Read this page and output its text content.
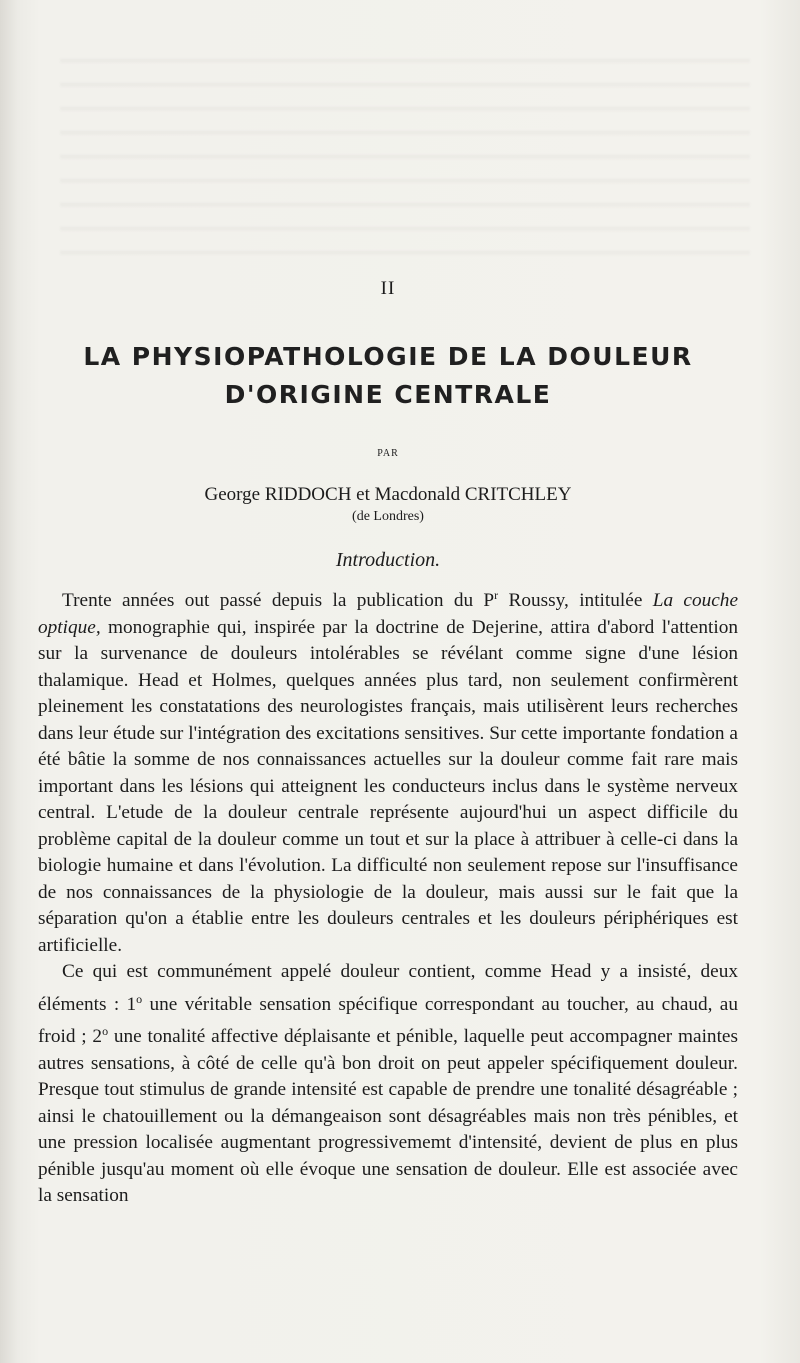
II
LA PHYSIOPATHOLOGIE DE LA DOULEUR
D'ORIGINE CENTRALE
PAR
George RIDDOCH et Macdonald CRITCHLEY
(de Londres)
Introduction.

Trente années out passé depuis la publication du $P^r$ Roussy, intitulée La couche optique, monographie qui, inspirée par la doctrine de Dejerine, attira d'abord l'attention sur la survenance de douleurs intolérables se révélant comme signe d'une lésion thalamique. Head et Holmes, quelques années plus tard, non seulement confirmèrent pleinement les constatations des neurologistes français, mais utilisèrent leurs recherches dans leur étude sur l'intégration des excitations sensitives. Sur cette importante fondation a été bâtie la somme de nos connaissances actuelles sur la douleur comme fait rare mais important dans les lésions qui atteignent les conducteurs inclus dans le système nerveux central. L'etude de la douleur centrale représente aujourd'hui un aspect difficile du problème capital de la douleur comme un tout et sur la place à attribuer à celle-ci dans la biologie humaine et dans l'évolution. La difficulté non seulement repose sur l'insuffisance de nos connaissances de la physiologie de la douleur, mais aussi sur le fait que la séparation qu'on a établie entre les douleurs centrales et les douleurs périphériques est artificielle.

Ce qui est communément appelé douleur contient, comme Head y a insisté, deux éléments : 1$^o$ une véritable sensation spécifique correspondant au toucher, au chaud, au froid ; 2$^o$ une tonalité affective déplaisante et pénible, laquelle peut accompagner maintes autres sensations, à côté de celle qu'à bon droit on peut appeler spécifiquement douleur. Presque tout stimulus de grande intensité est capable de prendre une tonalité désagréable ; ainsi le chatouillement ou la démangeaison sont désagréables mais non très pénibles, et une pression localisée augmentant progressivememt d'intensité, devient de plus en plus pénible jusqu'au moment où elle évoque une sensation de douleur. Elle est associée avec la sensation
